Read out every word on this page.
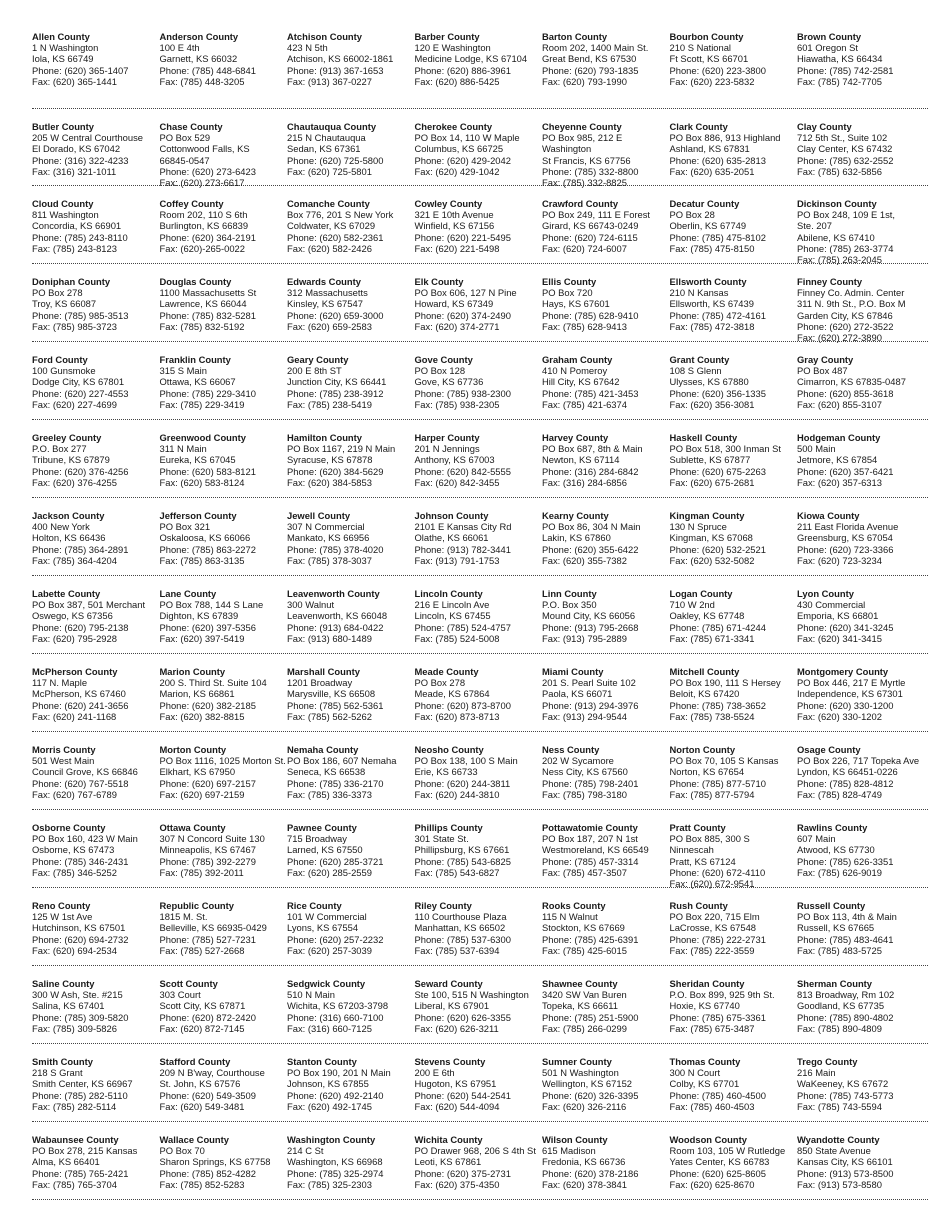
Allen County
1 N Washington
Iola, KS 66749
Phone: (620) 365-1407
Fax: (620) 365-1441
Anderson County
100 E 4th
Garnett, KS 66032
Phone: (785) 448-6841
Fax: (785) 448-3205
Atchison County
423 N 5th
Atchison, KS 66002-1861
Phone: (913) 367-1653
Fax: (913) 367-0227
Barber County
120 E Washington
Medicine Lodge, KS 67104
Phone: (620) 886-3961
Fax: (620) 886-5425
Barton County
Room 202, 1400 Main St.
Great Bend, KS 67530
Phone: (620) 793-1835
Fax: (620) 793-1990
Bourbon County
210 S National
Ft Scott, KS 66701
Phone: (620) 223-3800
Fax: (620) 223-5832
Brown County
601 Oregon St
Hiawatha, KS 66434
Phone: (785) 742-2581
Fax: (785) 742-7705
Butler County
205 W Central Courthouse
El Dorado, KS 67042
Phone: (316) 322-4233
Fax: (316) 321-1011
Chase County
PO Box 529
Cottonwood Falls, KS
66845-0547
Phone: (620) 273-6423
Fax: (620) 273-6617
Chautauqua County
215 N Chautauqua
Sedan, KS 67361
Phone: (620) 725-5800
Fax: (620) 725-5801
Cherokee County
PO Box 14, 110 W Maple
Columbus, KS 66725
Phone: (620) 429-2042
Fax: (620) 429-1042
Cheyenne County
PO Box 985, 212 E
Washington
St Francis, KS 67756
Phone: (785) 332-8800
Fax: (785) 332-8825
Clark County
PO Box 886, 913 Highland
Ashland, KS 67831
Phone: (620) 635-2813
Fax: (620) 635-2051
Clay County
712 5th St., Suite 102
Clay Center, KS 67432
Phone: (785) 632-2552
Fax: (785) 632-5856
Cloud County
811 Washington
Concordia, KS 66901
Phone: (785) 243-8110
Fax: (785) 243-8123
Coffey County
Room 202, 110 S 6th
Burlington, KS 66839
Phone: (620) 364-2191
Fax: (620)-265-0022
Comanche County
Box 776, 201 S New York
Coldwater, KS 67029
Phone: (620) 582-2361
Fax: (620) 582-2426
Cowley County
321 E 10th Avenue
Winfield, KS 67156
Phone: (620) 221-5495
Fax: (620) 221-5498
Crawford County
PO Box 249, 111 E Forest
Girard, KS 66743-0249
Phone: (620) 724-6115
Fax: (620) 724-6007
Decatur County
PO Box 28
Oberlin, KS 67749
Phone: (785) 475-8102
Fax: (785) 475-8150
Dickinson County
PO Box 248, 109 E 1st,
Ste. 207
Abilene, KS 67410
Phone: (785) 263-3774
Fax: (785) 263-2045
Doniphan County
PO Box 278
Troy, KS 66087
Phone: (785) 985-3513
Fax: (785) 985-3723
Douglas County
1100 Massachusetts St
Lawrence, KS 66044
Phone: (785) 832-5281
Fax: (785) 832-5192
Edwards County
312 Massachusetts
Kinsley, KS 67547
Phone: (620) 659-3000
Fax: (620) 659-2583
Elk County
PO Box 606, 127 N Pine
Howard, KS 67349
Phone: (620) 374-2490
Fax: (620) 374-2771
Ellis County
PO Box 720
Hays, KS 67601
Phone: (785) 628-9410
Fax: (785) 628-9413
Ellsworth County
210 N Kansas
Ellsworth, KS 67439
Phone: (785) 472-4161
Fax: (785) 472-3818
Finney County
Finney Co. Admin. Center
311 N. 9th St., P.O. Box M
Garden City, KS 67846
Phone: (620) 272-3522
Fax: (620) 272-3890
Ford County
100 Gunsmoke
Dodge City, KS 67801
Phone: (620) 227-4553
Fax: (620) 227-4699
Franklin County
315 S Main
Ottawa, KS 66067
Phone: (785) 229-3410
Fax: (785) 229-3419
Geary County
200 E 8th ST
Junction City, KS 66441
Phone: (785) 238-3912
Fax: (785) 238-5419
Gove County
PO Box 128
Gove, KS 67736
Phone: (785) 938-2300
Fax: (785) 938-2305
Graham County
410 N Pomeroy
Hill City, KS 67642
Phone: (785) 421-3453
Fax: (785) 421-6374
Grant County
108 S Glenn
Ulysses, KS 67880
Phone: (620) 356-1335
Fax: (620) 356-3081
Gray County
PO Box 487
Cimarron, KS 67835-0487
Phone: (620) 855-3618
Fax: (620) 855-3107
Greeley County
P.O. Box 277
Tribune, KS 67879
Phone: (620) 376-4256
Fax: (620) 376-4255
Greenwood County
311 N Main
Eureka, KS 67045
Phone: (620) 583-8121
Fax: (620) 583-8124
Hamilton County
PO Box 1167, 219 N Main
Syracuse, KS 67878
Phone: (620) 384-5629
Fax: (620) 384-5853
Harper County
201 N Jennings
Anthony, KS 67003
Phone: (620) 842-5555
Fax: (620) 842-3455
Harvey County
PO Box 687, 8th & Main
Newton, KS 67114
Phone: (316) 284-6842
Fax: (316) 284-6856
Haskell County
PO Box 518, 300 Inman St
Sublette, KS 67877
Phone: (620) 675-2263
Fax: (620) 675-2681
Hodgeman County
500 Main
Jetmore, KS 67854
Phone: (620) 357-6421
Fax: (620) 357-6313
Jackson County
400 New York
Holton, KS 66436
Phone: (785) 364-2891
Fax: (785) 364-4204
Jefferson County
PO Box 321
Oskaloosa, KS 66066
Phone: (785) 863-2272
Fax: (785) 863-3135
Jewell County
307 N Commercial
Mankato, KS 66956
Phone: (785) 378-4020
Fax: (785) 378-3037
Johnson County
2101 E Kansas City Rd
Olathe, KS 66061
Phone: (913) 782-3441
Fax: (913) 791-1753
Kearny County
PO Box 86, 304 N Main
Lakin, KS 67860
Phone: (620) 355-6422
Fax: (620) 355-7382
Kingman County
130 N Spruce
Kingman, KS 67068
Phone: (620) 532-2521
Fax: (620) 532-5082
Kiowa County
211 East Florida Avenue
Greensburg, KS 67054
Phone: (620) 723-3366
Fax: (620) 723-3234
Labette County
PO Box 387, 501 Merchant
Oswego, KS 67356
Phone: (620) 795-2138
Fax: (620) 795-2928
Lane County
PO Box 788, 144 S Lane
Dighton, KS 67839
Phone: (620) 397-5356
Fax: (620) 397-5419
Leavenworth County
300 Walnut
Leavenworth, KS 66048
Phone: (913) 684-0422
Fax: (913) 680-1489
Lincoln County
216 E Lincoln Ave
Lincoln, KS 67455
Phone: (785) 524-4757
Fax: (785) 524-5008
Linn County
P.O. Box 350
Mound City, KS 66056
Phone: (913) 795-2668
Fax: (913) 795-2889
Logan County
710 W 2nd
Oakley, KS 67748
Phone: (785) 671-4244
Fax: (785) 671-3341
Lyon County
430 Commercial
Emporia, KS 66801
Phone: (620) 341-3245
Fax: (620) 341-3415
McPherson County
117 N. Maple
McPherson, KS 67460
Phone: (620) 241-3656
Fax: (620) 241-1168
Marion County
200 S. Third St. Suite 104
Marion, KS 66861
Phone: (620) 382-2185
Fax: (620) 382-8815
Marshall County
1201 Broadway
Marysville, KS 66508
Phone: (785) 562-5361
Fax: (785) 562-5262
Meade County
PO Box 278
Meade, KS 67864
Phone: (620) 873-8700
Fax: (620) 873-8713
Miami County
201 S. Pearl Suite 102
Paola, KS 66071
Phone: (913) 294-3976
Fax: (913) 294-9544
Mitchell County
PO Box 190, 111 S Hersey
Beloit, KS 67420
Phone: (785) 738-3652
Fax: (785) 738-5524
Montgomery County
PO Box 446, 217 E Myrtle
Independence, KS 67301
Phone: (620) 330-1200
Fax: (620) 330-1202
Morris County
501 West Main
Council Grove, KS 66846
Phone: (620) 767-5518
Fax: (620) 767-6789
Morton County
PO Box 1116, 1025 Morton St.
Elkhart, KS 67950
Phone: (620) 697-2157
Fax: (620) 697-2159
Nemaha County
PO Box 186, 607 Nemaha
Seneca, KS 66538
Phone: (785) 336-2170
Fax: (785) 336-3373
Neosho County
PO Box 138, 100 S Main
Erie, KS 66733
Phone: (620) 244-3811
Fax: (620) 244-3810
Ness County
202 W Sycamore
Ness City, KS 67560
Phone: (785) 798-2401
Fax: (785) 798-3180
Norton County
PO Box 70, 105 S Kansas
Norton, KS 67654
Phone: (785) 877-5710
Fax: (785) 877-5794
Osage County
PO Box 226, 717 Topeka Ave
Lyndon, KS 66451-0226
Phone: (785) 828-4812
Fax: (785) 828-4749
Osborne County
PO Box 160, 423 W Main
Osborne, KS 67473
Phone: (785) 346-2431
Fax: (785) 346-5252
Ottawa County
307 N Concord Suite 130
Minneapolis, KS 67467
Phone: (785) 392-2279
Fax: (785) 392-2011
Pawnee County
715 Broadway
Larned, KS 67550
Phone: (620) 285-3721
Fax: (620) 285-2559
Phillips County
301 State St.
Phillipsburg, KS 67661
Phone: (785) 543-6825
Fax: (785) 543-6827
Pottawatomie County
PO Box 187, 207 N 1st
Westmoreland, KS 66549
Phone: (785) 457-3314
Fax: (785) 457-3507
Pratt County
PO Box 885, 300 S
Ninnescah
Pratt, KS 67124
Phone: (620) 672-4110
Fax: (620) 672-9541
Rawlins County
607 Main
Atwood, KS 67730
Phone: (785) 626-3351
Fax: (785) 626-9019
Reno County
125 W 1st Ave
Hutchinson, KS 67501
Phone: (620) 694-2732
Fax: (620) 694-2534
Republic County
1815 M. St.
Belleville, KS 66935-0429
Phone: (785) 527-7231
Fax: (785) 527-2668
Rice County
101 W Commercial
Lyons, KS 67554
Phone: (620) 257-2232
Fax: (620) 257-3039
Riley County
110 Courthouse Plaza
Manhattan, KS 66502
Phone: (785) 537-6300
Fax: (785) 537-6394
Rooks County
115 N Walnut
Stockton, KS 67669
Phone: (785) 425-6391
Fax: (785) 425-6015
Rush County
PO Box 220, 715 Elm
LaCrosse, KS 67548
Phone: (785) 222-2731
Fax: (785) 222-3559
Russell County
PO Box 113, 4th & Main
Russell, KS 67665
Phone: (785) 483-4641
Fax: (785) 483-5725
Saline County
300 W Ash, Ste. #215
Salina, KS 67401
Phone: (785) 309-5820
Fax: (785) 309-5826
Scott County
303 Court
Scott City, KS 67871
Phone: (620) 872-2420
Fax: (620) 872-7145
Sedgwick County
510 N Main
Wichita, KS 67203-3798
Phone: (316) 660-7100
Fax: (316) 660-7125
Seward County
Ste 100, 515 N Washington
Liberal, KS 67901
Phone: (620) 626-3355
Fax: (620) 626-3211
Shawnee County
3420 SW Van Buren
Topeka, KS 66611
Phone: (785) 251-5900
Fax: (785) 266-0299
Sheridan County
P.O. Box 899, 925 9th St.
Hoxie, KS 67740
Phone: (785) 675-3361
Fax: (785) 675-3487
Sherman County
813 Broadway, Rm 102
Goodland, KS 67735
Phone: (785) 890-4802
Fax: (785) 890-4809
Smith County
218 S Grant
Smith Center, KS 66967
Phone: (785) 282-5110
Fax: (785) 282-5114
Stafford County
209 N B'way, Courthouse
St. John, KS 67576
Phone: (620) 549-3509
Fax: (620) 549-3481
Stanton County
PO Box 190, 201 N Main
Johnson, KS 67855
Phone: (620) 492-2140
Fax: (620) 492-1745
Stevens County
200 E 6th
Hugoton, KS 67951
Phone: (620) 544-2541
Fax: (620) 544-4094
Sumner County
501 N Washington
Wellington, KS 67152
Phone: (620) 326-3395
Fax: (620) 326-2116
Thomas County
300 N Court
Colby, KS 67701
Phone: (785) 460-4500
Fax: (785) 460-4503
Trego County
216 Main
WaKeeney, KS 67672
Phone: (785) 743-5773
Fax: (785) 743-5594
Wabaunsee County
PO Box 278, 215 Kansas
Alma, KS 66401
Phone: (785) 765-2421
Fax: (785) 765-3704
Wallace County
PO Box 70
Sharon Springs, KS 67758
Phone: (785) 852-4282
Fax: (785) 852-5283
Washington County
214 C St
Washington, KS 66968
Phone: (785) 325-2974
Fax: (785) 325-2303
Wichita County
PO Drawer 968, 206 S 4th St
Leoti, KS 67861
Phone: (620) 375-2731
Fax: (620) 375-4350
Wilson County
615 Madison
Fredonia, KS 66736
Phone: (620) 378-2186
Fax: (620) 378-3841
Woodson County
Room 103, 105 W Rutledge
Yates Center, KS 66783
Phone: (620) 625-8605
Fax: (620) 625-8670
Wyandotte County
850 State Avenue
Kansas City, KS 66101
Phone: (913) 573-8500
Fax: (913) 573-8580
